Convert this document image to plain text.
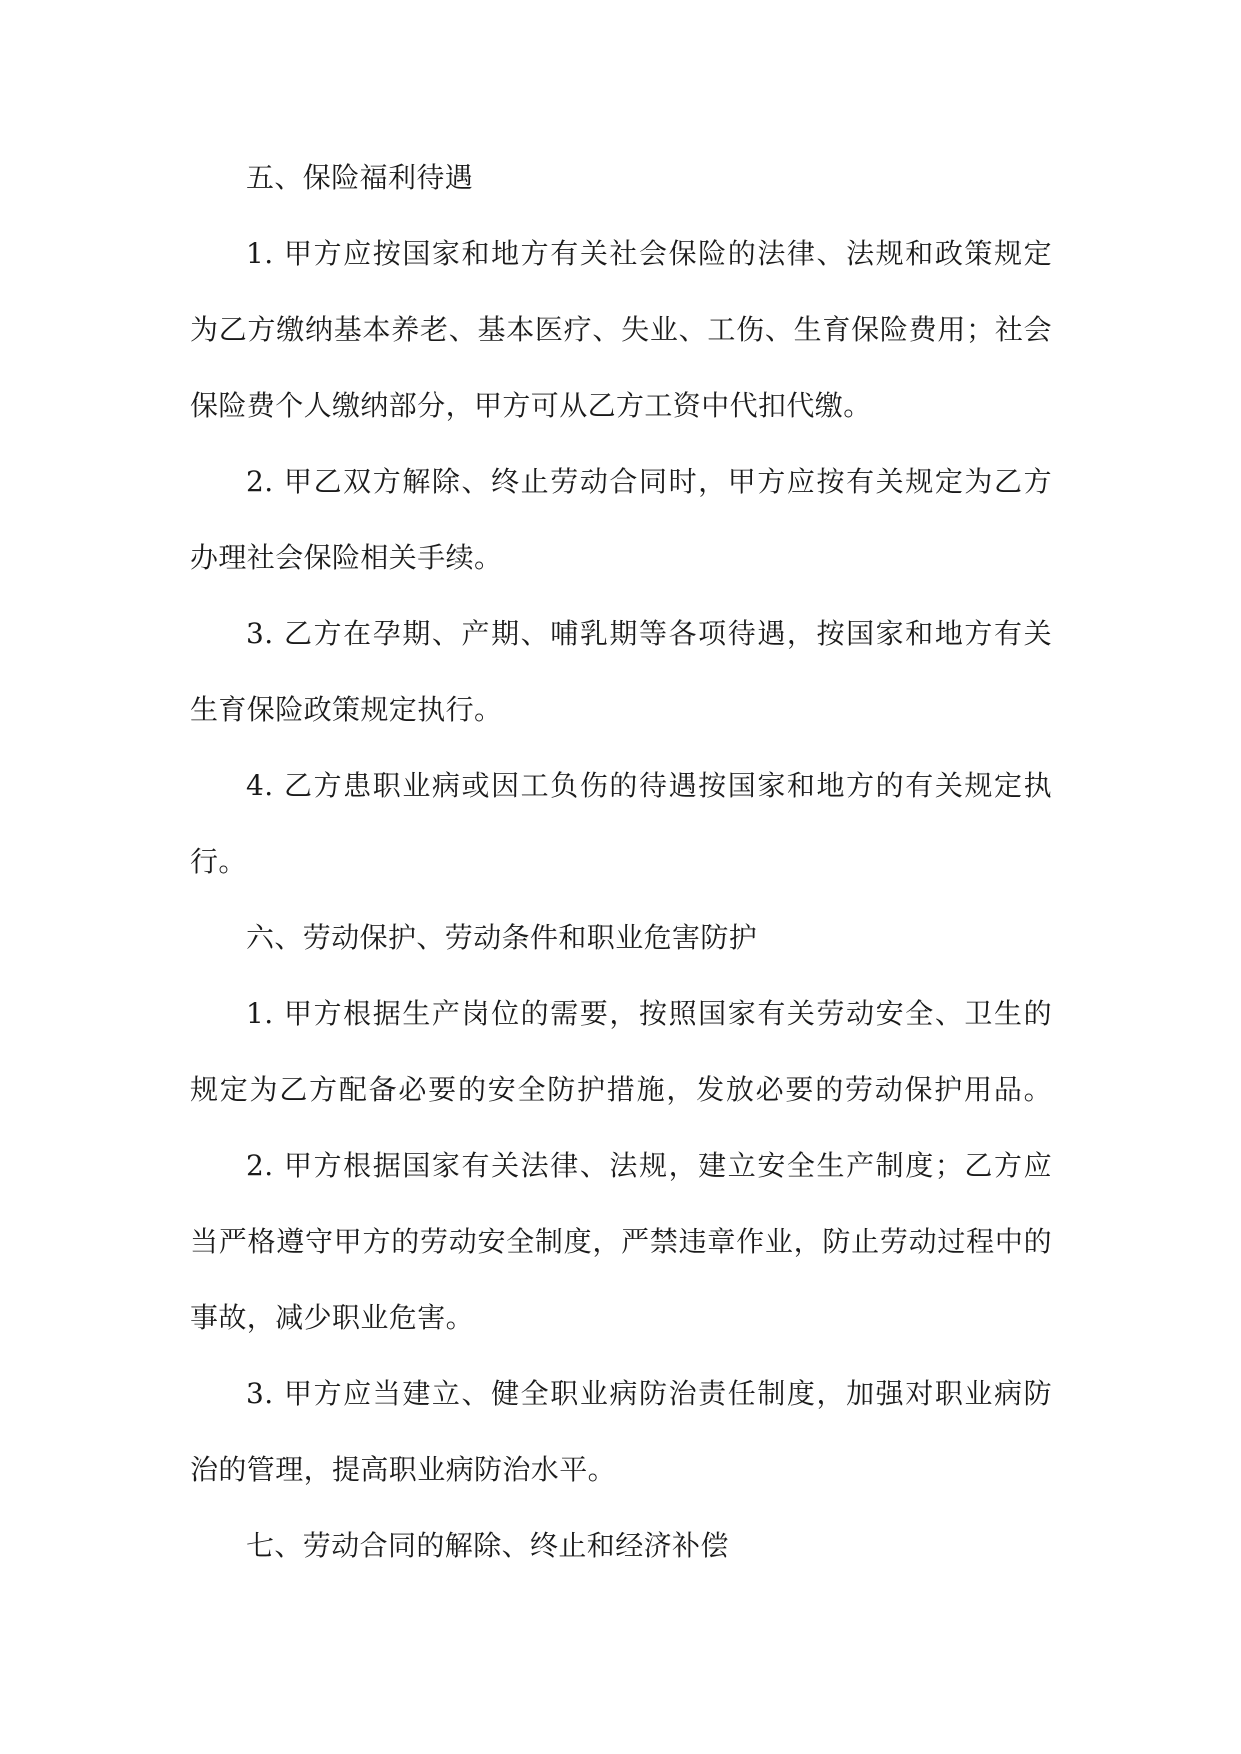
五、保险福利待遇
1. 甲方应按国家和地方有关社会保险的法律、法规和政策规定
为乙方缴纳基本养老、基本医疗、失业、工伤、生育保险费用；社会
保险费个人缴纳部分，甲方可从乙方工资中代扣代缴。
2. 甲乙双方解除、终止劳动合同时，甲方应按有关规定为乙方
办理社会保险相关手续。
3. 乙方在孕期、产期、哺乳期等各项待遇，按国家和地方有关
生育保险政策规定执行。
4. 乙方患职业病或因工负伤的待遇按国家和地方的有关规定执
行。
六、劳动保护、劳动条件和职业危害防护
1. 甲方根据生产岗位的需要，按照国家有关劳动安全、卫生的
规定为乙方配备必要的安全防护措施，发放必要的劳动保护用品。
2. 甲方根据国家有关法律、法规，建立安全生产制度；乙方应
当严格遵守甲方的劳动安全制度，严禁违章作业，防止劳动过程中的
事故，减少职业危害。
3. 甲方应当建立、健全职业病防治责任制度，加强对职业病防
治的管理，提高职业病防治水平。
七、劳动合同的解除、终止和经济补偿
